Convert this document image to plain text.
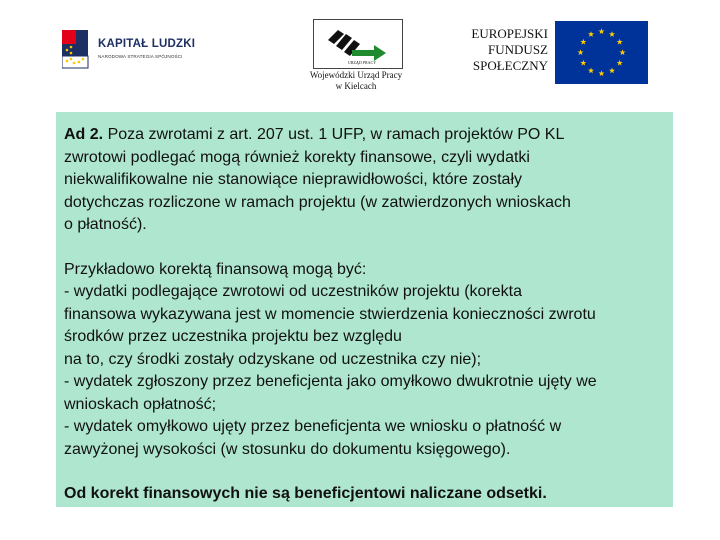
KAPITAŁ LUDZKI
NARODOWA STRATEGIA SPÓJNOŚCI
URZĄD PRACY
Wojewódzki Urząd Pracy
w Kielcach
EUROPEJSKI
FUNDUSZ
SPOŁECZNY

Ad 2. Poza zwrotami z art. 207 ust. 1 UFP, w ramach projektów PO KL
zwrotowi podlegać mogą również korekty finansowe, czyli wydatki
niekwalifikowalne nie stanowiące nieprawidłowości, które zostały
dotychczas rozliczone w ramach projektu (w zatwierdzonych wnioskach
o płatność).

Przykładowo korektą finansową mogą być:
- wydatki podlegające zwrotowi od uczestników projektu (korekta
finansowa wykazywana jest w momencie stwierdzenia konieczności zwrotu
środków przez uczestnika projektu bez względu
na to, czy środki zostały odzyskane od uczestnika czy nie);
- wydatek zgłoszony przez beneficjenta jako omyłkowo dwukrotnie ujęty we
wnioskach opłatność;
- wydatek omyłkowo ujęty przez beneficjenta we wniosku o płatność w
zawyżonej wysokości (w stosunku do dokumentu księgowego).

Od korekt finansowych nie są beneficjentowi naliczane odsetki.
